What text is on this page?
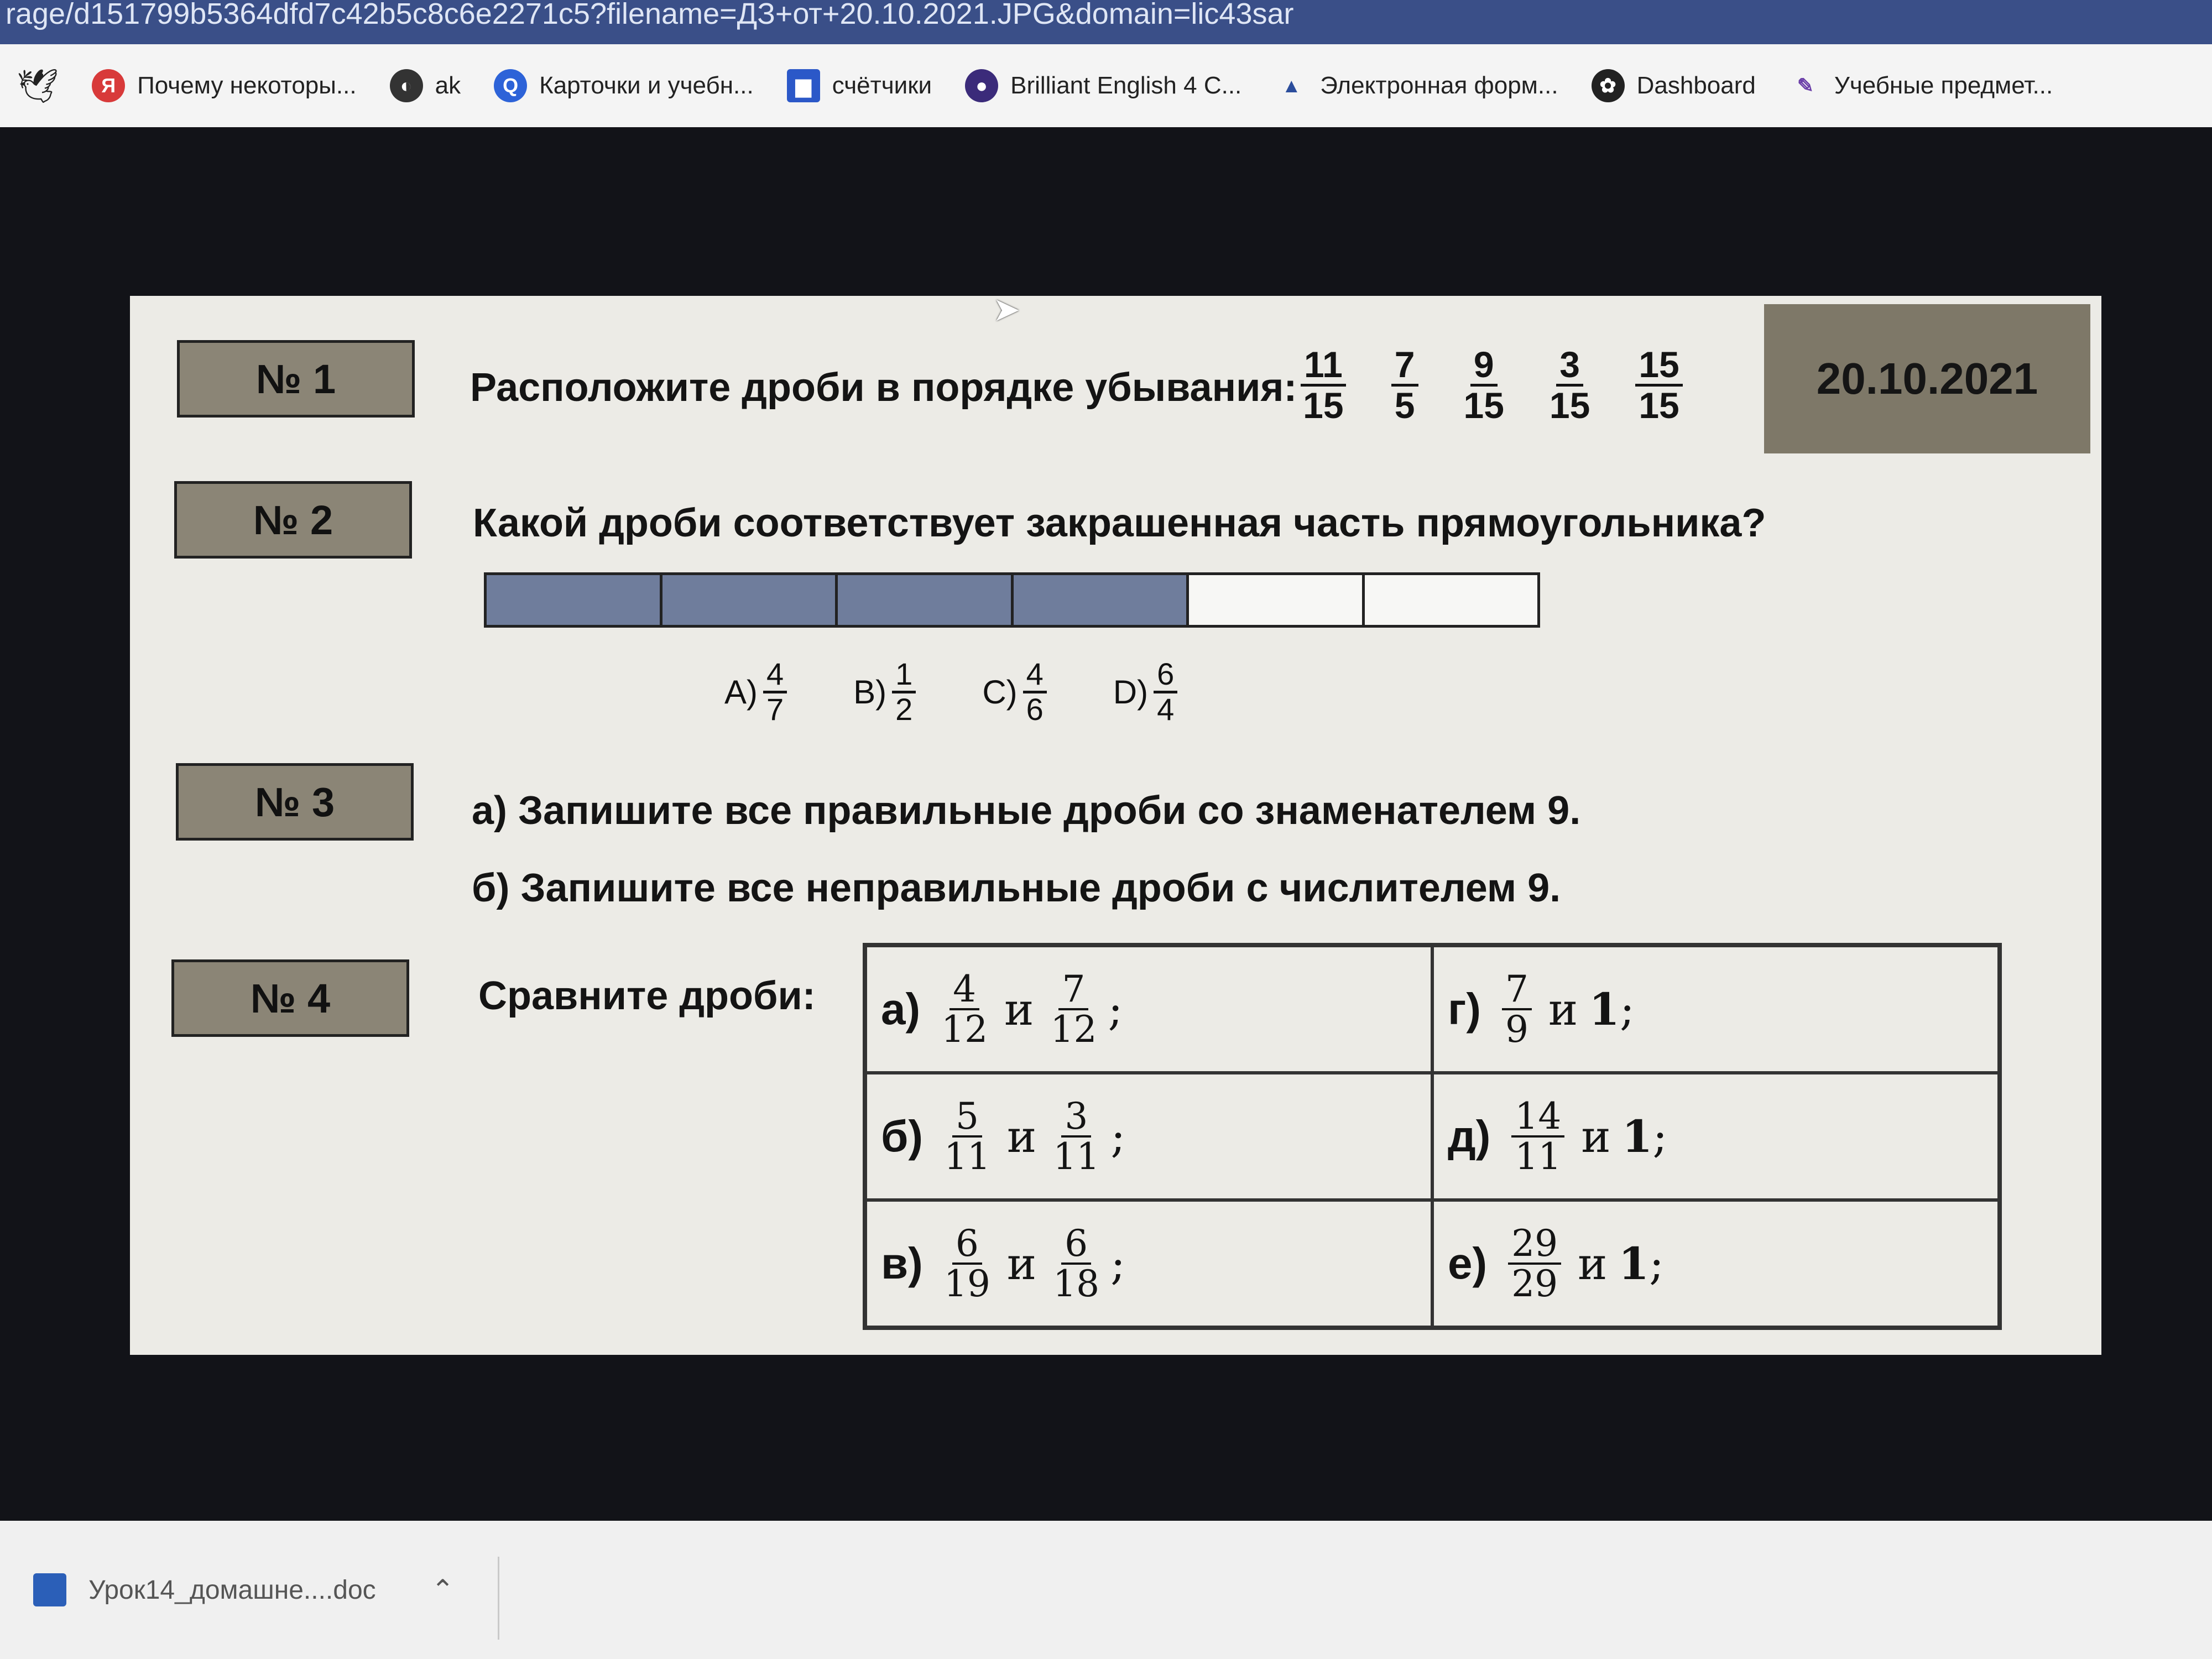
rage/d151799b5364dfd7c42b5c8c6e2271c5?filename=ДЗ+от+20.10.2021.JPG&domain=lic43sar
🕊	Я Почему некоторы...	◐ ak	Q Карточки и учебн...	▆ счётчики	● Brilliant English 4 C...	▲ Электронная форм...	✿ Dashboard	✎ Учебные предмет...
➤
№ 1	Расположите дроби в порядке убывания: $\frac{11}{15} \frac{7}{5} \frac{9}{15} \frac{3}{15} \frac{15}{15}$	20.10.2021
№ 2	Какой дроби соответствует закрашенная часть прямоугольника?
$A) \frac{4}{7} B) \frac{1}{2} C) \frac{4}{6} D) \frac{6}{4}$
№ 3	а) Запишите все правильные дроби со знаменателем 9.
б) Запишите все неправильные дроби с числителем 9.
№ 4	Сравните дроби: $а) \frac{4}{12}$ и $\frac{7}{12}$ ;	$г) \frac{7}{9}$ и 1 ;
$б) \frac{5}{11}$ и $\frac{3}{11}$ ;	$д) \frac{14}{11}$ и 1 ;
$в) \frac{6}{19}$ и $\frac{6}{18}$ ;	$е) \frac{29}{29}$ и 1 ;
Урок14_домашне....doc ⌃
